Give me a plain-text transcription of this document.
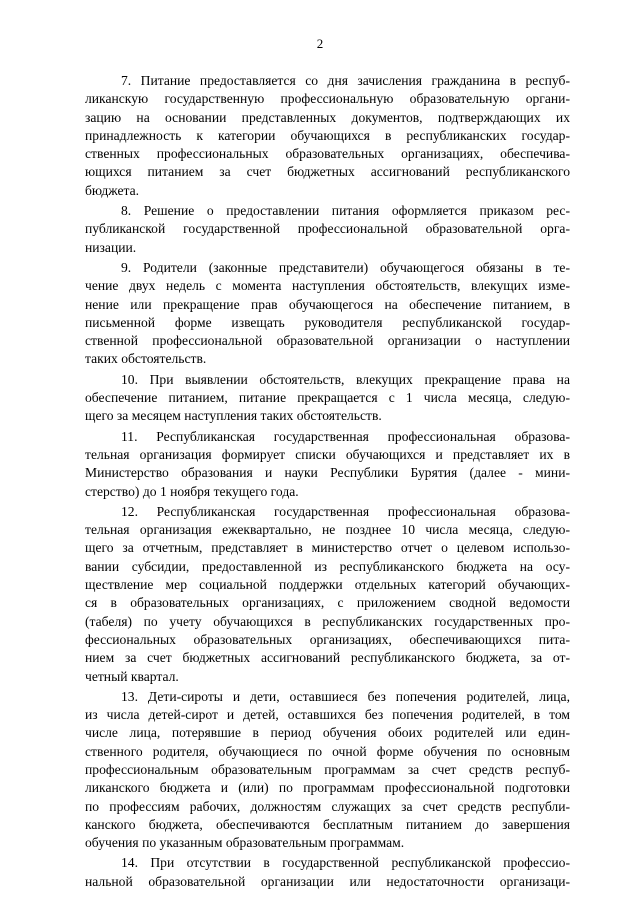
2
7. Питание предоставляется со дня зачисления гражданина в респуб-
ликанскую государственную профессиональную образовательную органи-
зацию на основании представленных документов, подтверждающих их
принадлежность к категории обучающихся в республиканских государ-
ственных профессиональных образовательных организациях, обеспечива-
ющихся питанием за счет бюджетных ассигнований республиканского
бюджета.
8. Решение о предоставлении питания оформляется приказом рес-
публиканской государственной профессиональной образовательной орга-
низации.
9. Родители (законные представители) обучающегося обязаны в те-
чение двух недель с момента наступления обстоятельств, влекущих изме-
нение или прекращение прав обучающегося на обеспечение питанием, в
письменной форме извещать руководителя республиканской государ-
ственной профессиональной образовательной организации о наступлении
таких обстоятельств.
10. При выявлении обстоятельств, влекущих прекращение права на
обеспечение питанием, питание прекращается с 1 числа месяца, следую-
щего за месяцем наступления таких обстоятельств.
11. Республиканская государственная профессиональная образова-
тельная организация формирует списки обучающихся и представляет их в
Министерство образования и науки Республики Бурятия (далее - мини-
стерство) до 1 ноября текущего года.
12. Республиканская государственная профессиональная образова-
тельная организация ежеквартально, не позднее 10 числа месяца, следую-
щего за отчетным, представляет в министерство отчет о целевом использо-
вании субсидии, предоставленной из республиканского бюджета на осу-
ществление мер социальной поддержки отдельных категорий обучающих-
ся в образовательных организациях, с приложением сводной ведомости
(табеля) по учету обучающихся в республиканских государственных про-
фессиональных образовательных организациях, обеспечивающихся пита-
нием за счет бюджетных ассигнований республиканского бюджета, за от-
четный квартал.
13. Дети-сироты и дети, оставшиеся без попечения родителей, лица,
из числа детей-сирот и детей, оставшихся без попечения родителей, в том
числе лица, потерявшие в период обучения обоих родителей или един-
ственного родителя, обучающиеся по очной форме обучения по основным
профессиональным образовательным программам за счет средств респуб-
ликанского бюджета и (или) по программам профессиональной подготовки
по профессиям рабочих, должностям служащих за счет средств республи-
канского бюджета, обеспечиваются бесплатным питанием до завершения
обучения по указанным образовательным программам.
14. При отсутствии в государственной республиканской профессио-
нальной образовательной организации или недостаточности организаци-
